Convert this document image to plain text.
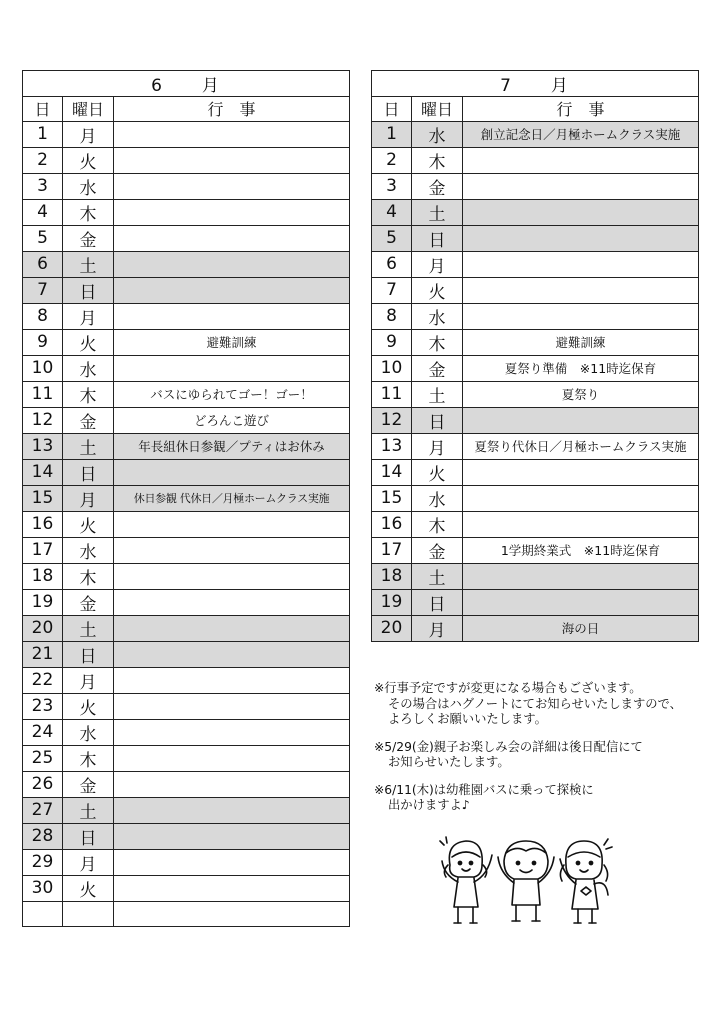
6　　月		
日	曜日	行　事
1	月	
2	火	
3	水	
4	木	
5	金	
6	土	
7	日	
8	月	
9	火	避難訓練
10	水	
11	木	バスにゆられてゴー！ゴー！
12	金	どろんこ遊び
13	土	年長組休日参観／プティはお休み
14	日	
15	月	休日参観 代休日／月極ホームクラス実施
16	火	
17	水	
18	木	
19	金	
20	土	
21	日	
22	月	
23	火	
24	水	
25	木	
26	金	
27	土	
28	日	
29	月	
30	火	

7　　月		
日	曜日	行　事
1	水	創立記念日／月極ホームクラス実施
2	木	
3	金	
4	土	
5	日	
6	月	
7	火	
8	水	
9	木	避難訓練
10	金	夏祭り準備　※11時迄保育
11	土	夏祭り
12	日	
13	月	夏祭り代休日／月極ホームクラス実施
14	火	
15	水	
16	木	
17	金	1学期終業式　※11時迄保育
18	土	
19	日	
20	月	海の日
※行事予定ですが変更になる場合もございます。
その場合はハグノートにてお知らせいたしますので、
よろしくお願いいたします。
※5/29(金)親子お楽しみ会の詳細は後日配信にて
お知らせいたします。
※6/11(木)は幼稚園バスに乗って探検に
出かけますよ♪
